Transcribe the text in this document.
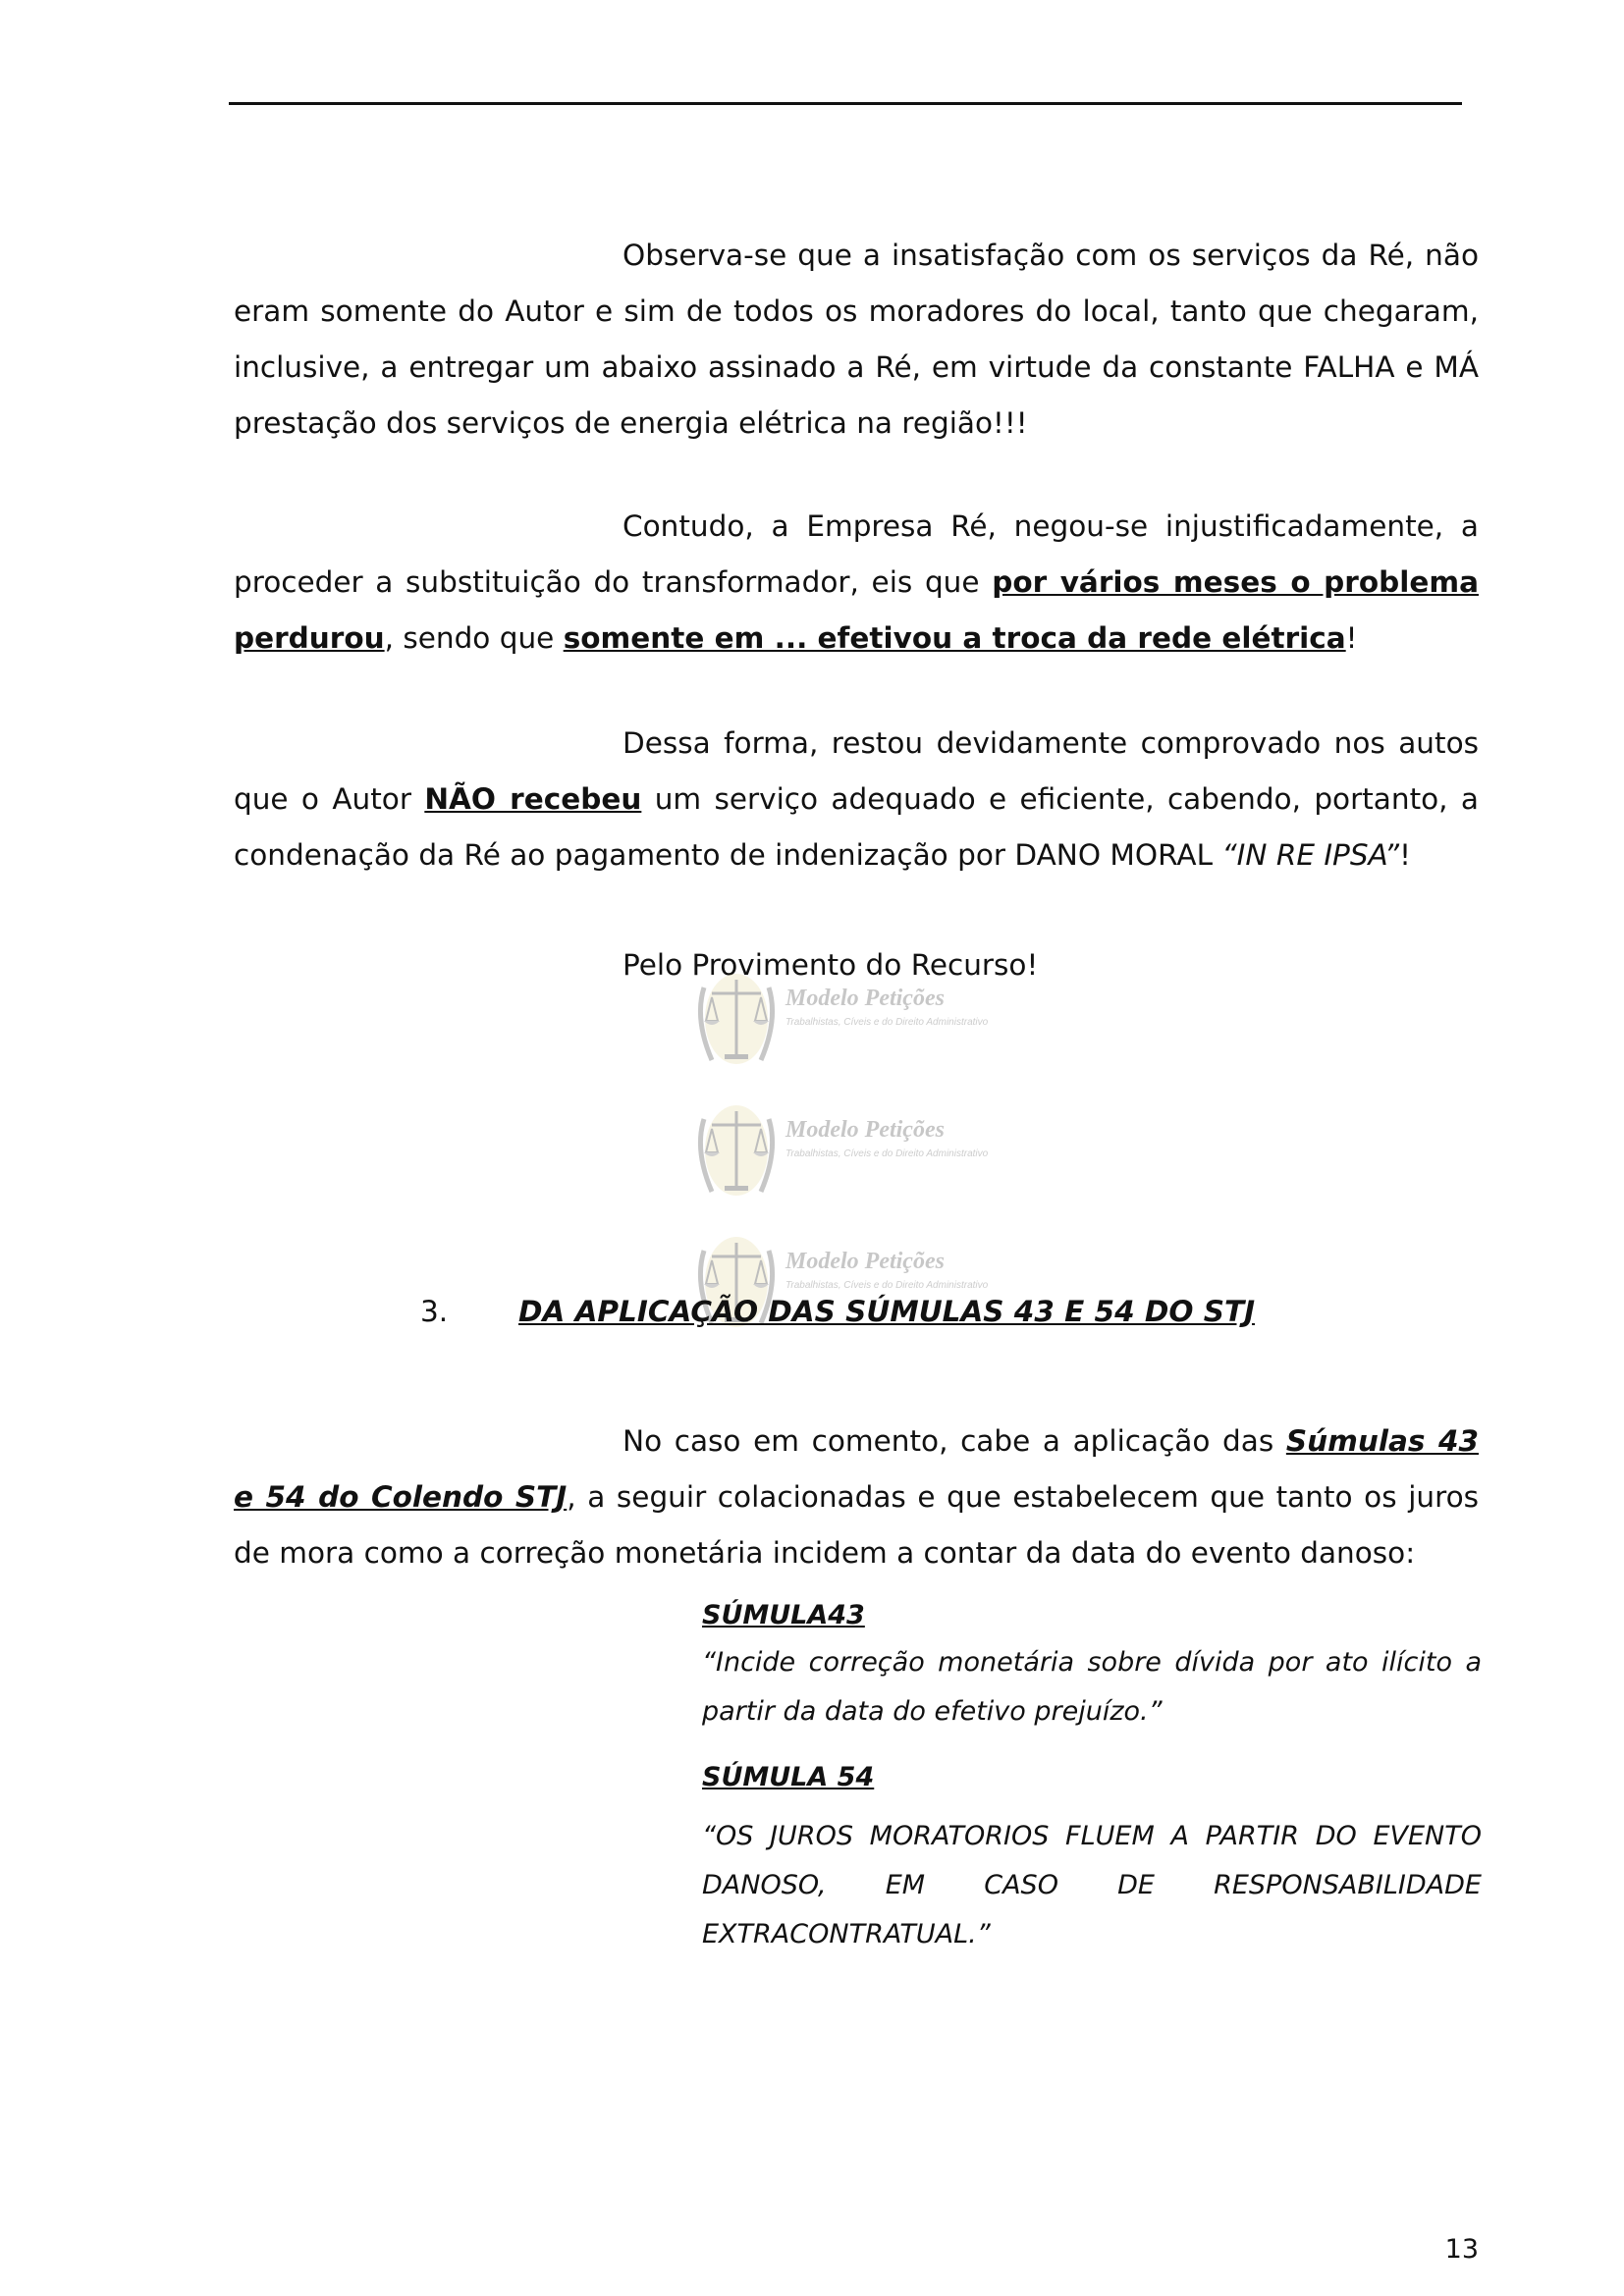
Observa-se que a insatisfação com os serviços da Ré, não eram somente do Autor e sim de todos os moradores do local, tanto que chegaram, inclusive, a entregar um abaixo assinado a Ré, em virtude da constante FALHA e MÁ prestação dos serviços de energia elétrica na região!!!

Contudo, a Empresa Ré, negou-se injustificadamente, a proceder a substituição do transformador, eis que por vários meses o problema perdurou, sendo que somente em ... efetivou a troca da rede elétrica!

Dessa forma, restou devidamente comprovado nos autos que o Autor NÃO recebeu um serviço adequado e eficiente, cabendo, portanto, a condenação da Ré ao pagamento de indenização por DANO MORAL “IN RE IPSA”!

Pelo Provimento do Recurso!

Modelo Petições
Trabalhistas, Cíveis e do Direito Administrativo
Modelo Petições
Trabalhistas, Cíveis e do Direito Administrativo
Modelo Petições
Trabalhistas, Cíveis e do Direito Administrativo
3. DA APLICAÇÃO DAS SÚMULAS 43 E 54 DO STJ

No caso em comento, cabe a aplicação das Súmulas 43 e 54 do Colendo STJ, a seguir colacionadas e que estabelecem que tanto os juros de mora como a correção monetária incidem a contar da data do evento danoso:

SÚMULA43
“Incide correção monetária sobre dívida por ato ilícito a partir da data do efetivo prejuízo.”
SÚMULA 54
“OS JUROS MORATORIOS FLUEM A PARTIR DO EVENTO DANOSO, EM CASO DE RESPONSABILIDADE EXTRACONTRATUAL.”
13
